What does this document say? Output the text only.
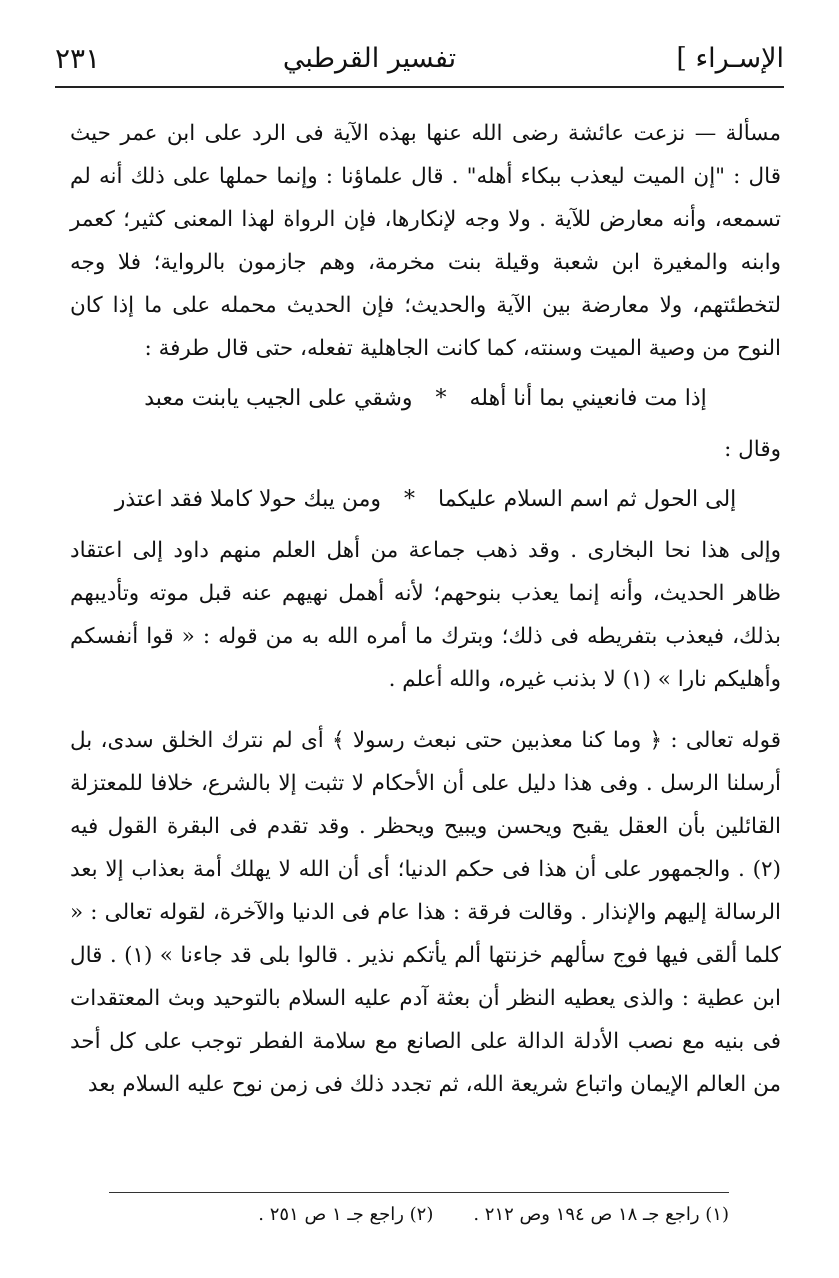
الإسـراء ]
تفسير القرطبي
٢٣١

مسألة — نزعت عائشة رضى الله عنها بهذه الآية فى الرد على ابن عمر حيث قال : "إن الميت ليعذب ببكاء أهله" . قال علماؤنا : وإنما حملها على ذلك أنه لم تسمعه، وأنه معارض للآية . ولا وجه لإنكارها، فإن الرواة لهذا المعنى كثير؛ كعمر وابنه والمغيرة ابن شعبة وقيلة بنت مخرمة، وهم جازمون بالرواية؛ فلا وجه لتخطئتهم، ولا معارضة بين الآية والحديث؛ فإن الحديث محمله على ما إذا كان النوح من وصية الميت وسنته، كما كانت الجاهلية تفعله، حتى قال طرفة :

إذا مت فانعيني بما أنا أهله * وشقي على الجيب يابنت معبد

وقال :

إلى الحول ثم اسم السلام عليكما * ومن يبك حولا كاملا فقد اعتذر

وإلى هذا نحا البخارى . وقد ذهب جماعة من أهل العلم منهم داود إلى اعتقاد ظاهر الحديث، وأنه إنما يعذب بنوحهم؛ لأنه أهمل نهيهم عنه قبل موته وتأديبهم بذلك، فيعذب بتفريطه فى ذلك؛ وبترك ما أمره الله به من قوله : « قوا أنفسكم وأهليكم نارا » (١) لا بذنب غيره، والله أعلم .

قوله تعالى : ﴿ وما كنا معذبين حتى نبعث رسولا ﴾ أى لم نترك الخلق سدى، بل أرسلنا الرسل . وفى هذا دليل على أن الأحكام لا تثبت إلا بالشرع، خلافا للمعتزلة القائلين بأن العقل يقبح ويحسن ويبيح ويحظر . وقد تقدم فى البقرة القول فيه (٢) . والجمهور على أن هذا فى حكم الدنيا؛ أى أن الله لا يهلك أمة بعذاب إلا بعد الرسالة إليهم والإنذار . وقالت فرقة : هذا عام فى الدنيا والآخرة، لقوله تعالى : « كلما ألقى فيها فوج سألهم خزنتها ألم يأتكم نذير . قالوا بلى قد جاءنا » (١) . قال ابن عطية : والذى يعطيه النظر أن بعثة آدم عليه السلام بالتوحيد وبث المعتقدات فى بنيه مع نصب الأدلة الدالة على الصانع مع سلامة الفطر توجب على كل أحد من العالم الإيمان واتباع شريعة الله، ثم تجدد ذلك فى زمن نوح عليه السلام بعد

(١) راجع جـ ١٨ ص ١٩٤ وص ٢١٢ .
(٢) راجع جـ ١ ص ٢٥١ .
